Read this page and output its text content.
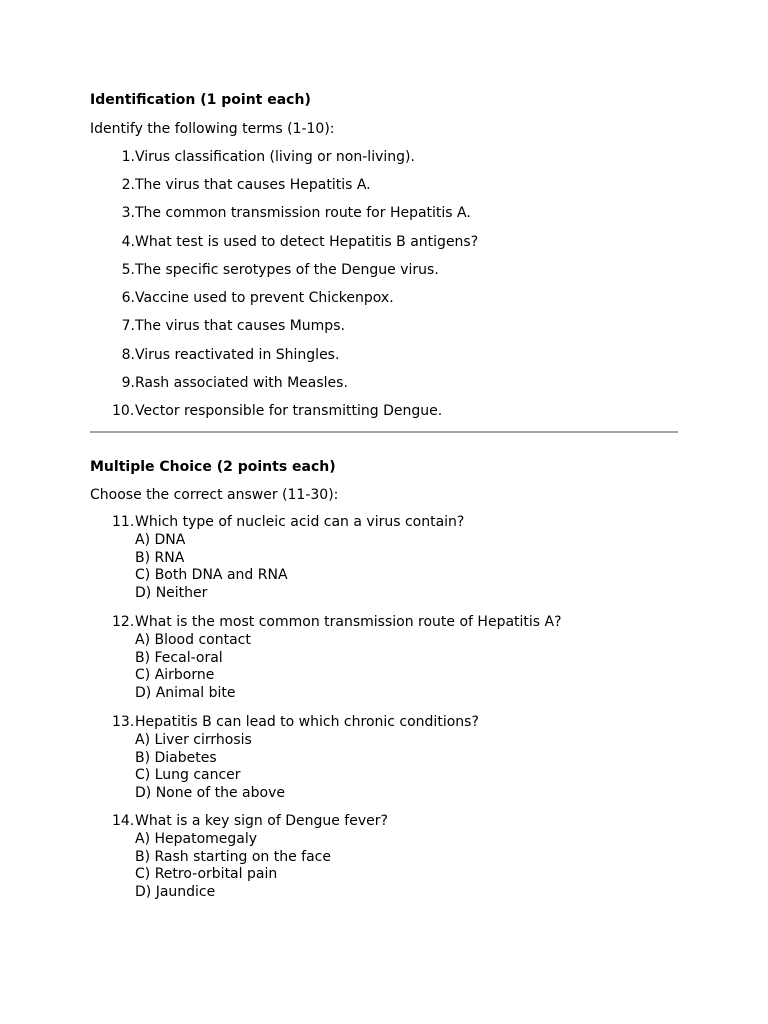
Identification (1 point each)
Identify the following terms (1-10):
1. Virus classification (living or non-living).
2. The virus that causes Hepatitis A.
3. The common transmission route for Hepatitis A.
4. What test is used to detect Hepatitis B antigens?
5. The specific serotypes of the Dengue virus.
6. Vaccine used to prevent Chickenpox.
7. The virus that causes Mumps.
8. Virus reactivated in Shingles.
9. Rash associated with Measles.
10. Vector responsible for transmitting Dengue.
Multiple Choice (2 points each)
Choose the correct answer (11-30):
11.Which type of nucleic acid can a virus contain?
A) DNA
B) RNA
C) Both DNA and RNA
D) Neither
12.What is the most common transmission route of Hepatitis A?
A) Blood contact
B) Fecal-oral
C) Airborne
D) Animal bite
13.Hepatitis B can lead to which chronic conditions?
A) Liver cirrhosis
B) Diabetes
C) Lung cancer
D) None of the above
14.What is a key sign of Dengue fever?
A) Hepatomegaly
B) Rash starting on the face
C) Retro-orbital pain
D) Jaundice
